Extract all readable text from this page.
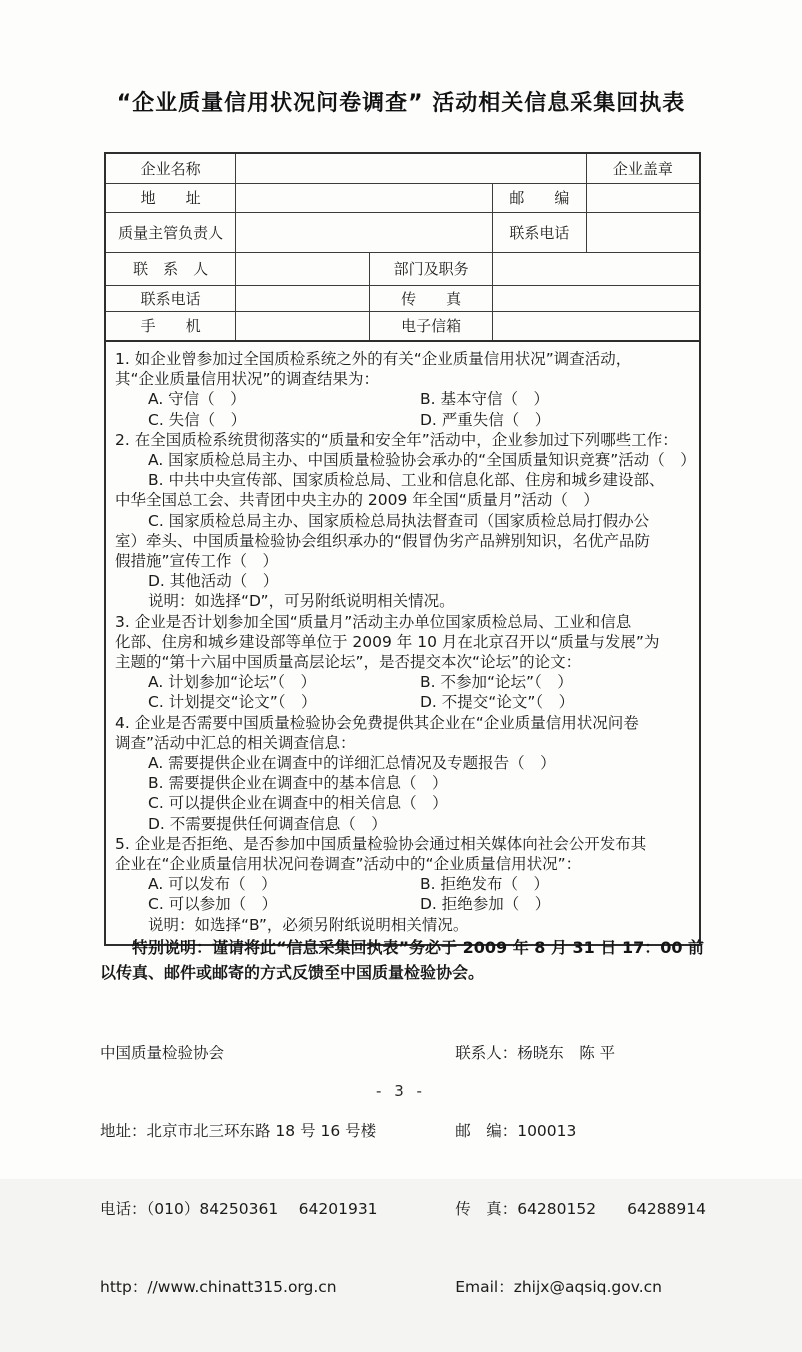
“企业质量信用状况问卷调查” 活动相关信息采集回执表
企业名称				企业盖章
地　　址			邮　　编	
质量主管负责人			联系电话	
联　系　人		部门及职务		
联系电话		传　　真		
手　　机		电子信箱		
1. 如企业曾参加过全国质检系统之外的有关“企业质量信用状况”调查活动，
其“企业质量信用状况”的调查结果为：
A. 守信（　）	B. 基本守信（　）
C. 失信（　）	D. 严重失信（　）
2. 在全国质检系统贯彻落实的“质量和安全年”活动中，企业参加过下列哪些工作：
A. 国家质检总局主办、中国质量检验协会承办的“全国质量知识竞赛”活动（　）
B. 中共中央宣传部、国家质检总局、工业和信息化部、住房和城乡建设部、
中华全国总工会、共青团中央主办的 2009 年全国“质量月”活动（　）
C. 国家质检总局主办、国家质检总局执法督查司（国家质检总局打假办公
室）牵头、中国质量检验协会组织承办的“假冒伪劣产品辨别知识，名优产品防
假措施”宣传工作（　）
D. 其他活动（　）
说明：如选择“D”，可另附纸说明相关情况。
3. 企业是否计划参加全国“质量月”活动主办单位国家质检总局、工业和信息
化部、住房和城乡建设部等单位于 2009 年 10 月在北京召开以“质量与发展”为
主题的“第十六届中国质量高层论坛”，是否提交本次“论坛”的论文：
A. 计划参加“论坛”（　）	B. 不参加“论坛”（　）
C. 计划提交“论文”（　）	D. 不提交“论文”（　）
4. 企业是否需要中国质量检验协会免费提供其企业在“企业质量信用状况问卷
调查”活动中汇总的相关调查信息：
A. 需要提供企业在调查中的详细汇总情况及专题报告（　）
B. 需要提供企业在调查中的基本信息（　）
C. 可以提供企业在调查中的相关信息（　）
D. 不需要提供任何调查信息（　）
5. 企业是否拒绝、是否参加中国质量检验协会通过相关媒体向社会公开发布其
企业在“企业质量信用状况问卷调查”活动中的“企业质量信用状况”：
A. 可以发布（　）	B. 拒绝发布（　）
C. 可以参加（　）	D. 拒绝参加（　）
说明：如选择“B”，必须另附纸说明相关情况。
特别说明：谨请将此“信息采集回执表”务必于 2009 年 8 月 31 日 17：00 前以传真、邮件或邮寄的方式反馈至中国质量检验协会。

中国质量检验协会

地址：北京市北三环东路 18 号 16 号楼

电话：（010）84250361　 64201931

http：//www.chinatt315.org.cn

联系人：杨晓东　陈 平

邮　编：100013

传　真：64280152　　64288914

Email：zhijx@aqsiq.gov.cn

- 3 -
